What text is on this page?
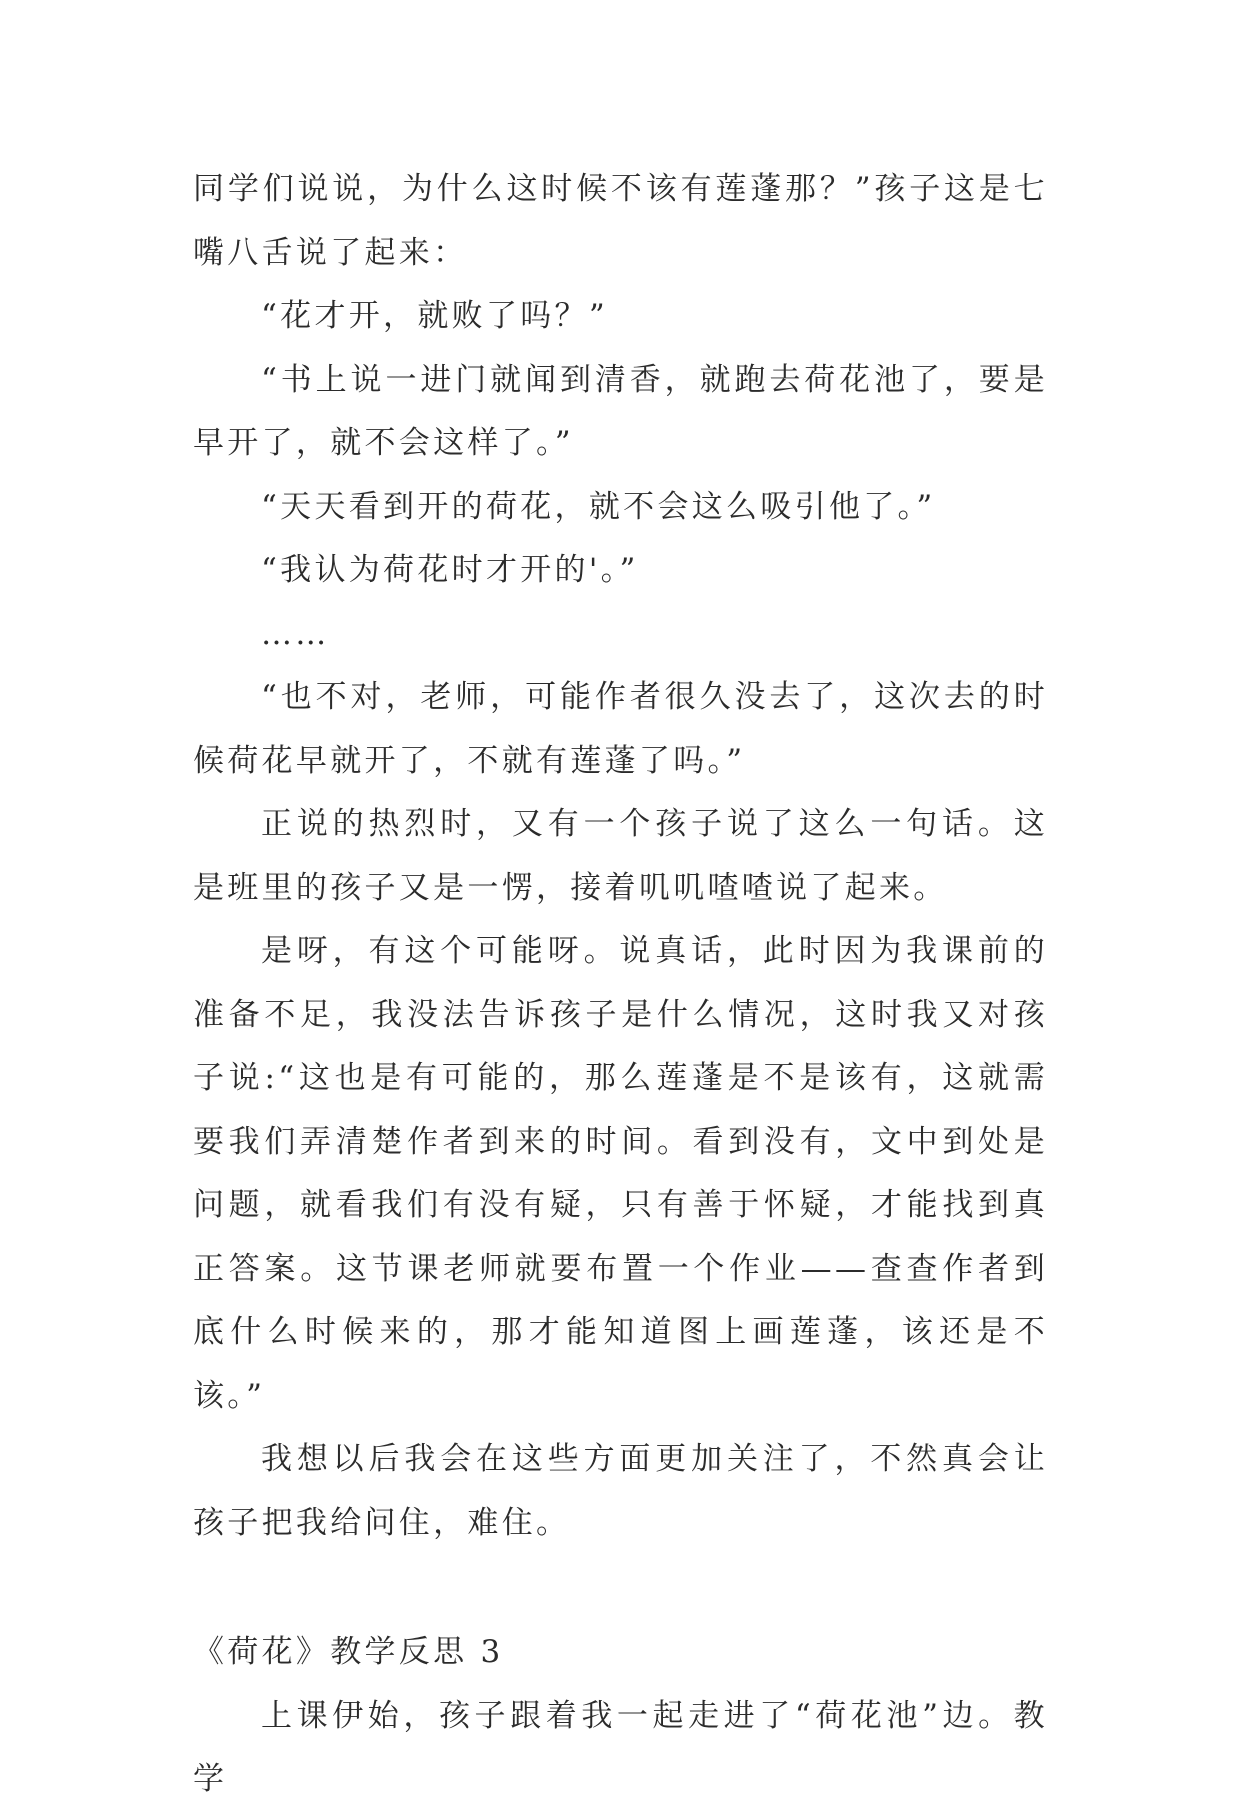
同学们说说，为什么这时候不该有莲蓬那？”孩子这是七嘴八舌说了起来：

“花才开，就败了吗？”

“书上说一进门就闻到清香，就跑去荷花池了，要是早开了，就不会这样了。”

“天天看到开的荷花，就不会这么吸引他了。”

“我认为荷花时才开的'。”

……

“也不对，老师，可能作者很久没去了，这次去的时候荷花早就开了，不就有莲蓬了吗。”

正说的热烈时，又有一个孩子说了这么一句话。这是班里的孩子又是一愣，接着叽叽喳喳说了起来。

是呀，有这个可能呀。说真话，此时因为我课前的准备不足，我没法告诉孩子是什么情况，这时我又对孩子说:“这也是有可能的，那么莲蓬是不是该有，这就需要我们弄清楚作者到来的时间。看到没有，文中到处是问题，就看我们有没有疑，只有善于怀疑，才能找到真正答案。这节课老师就要布置一个作业——查查作者到底什么时候来的，那才能知道图上画莲蓬，该还是不该。”

我想以后我会在这些方面更加关注了，不然真会让孩子把我给问住，难住。

《荷花》教学反思 3

上课伊始，孩子跟着我一起走进了“荷花池”边。教学
